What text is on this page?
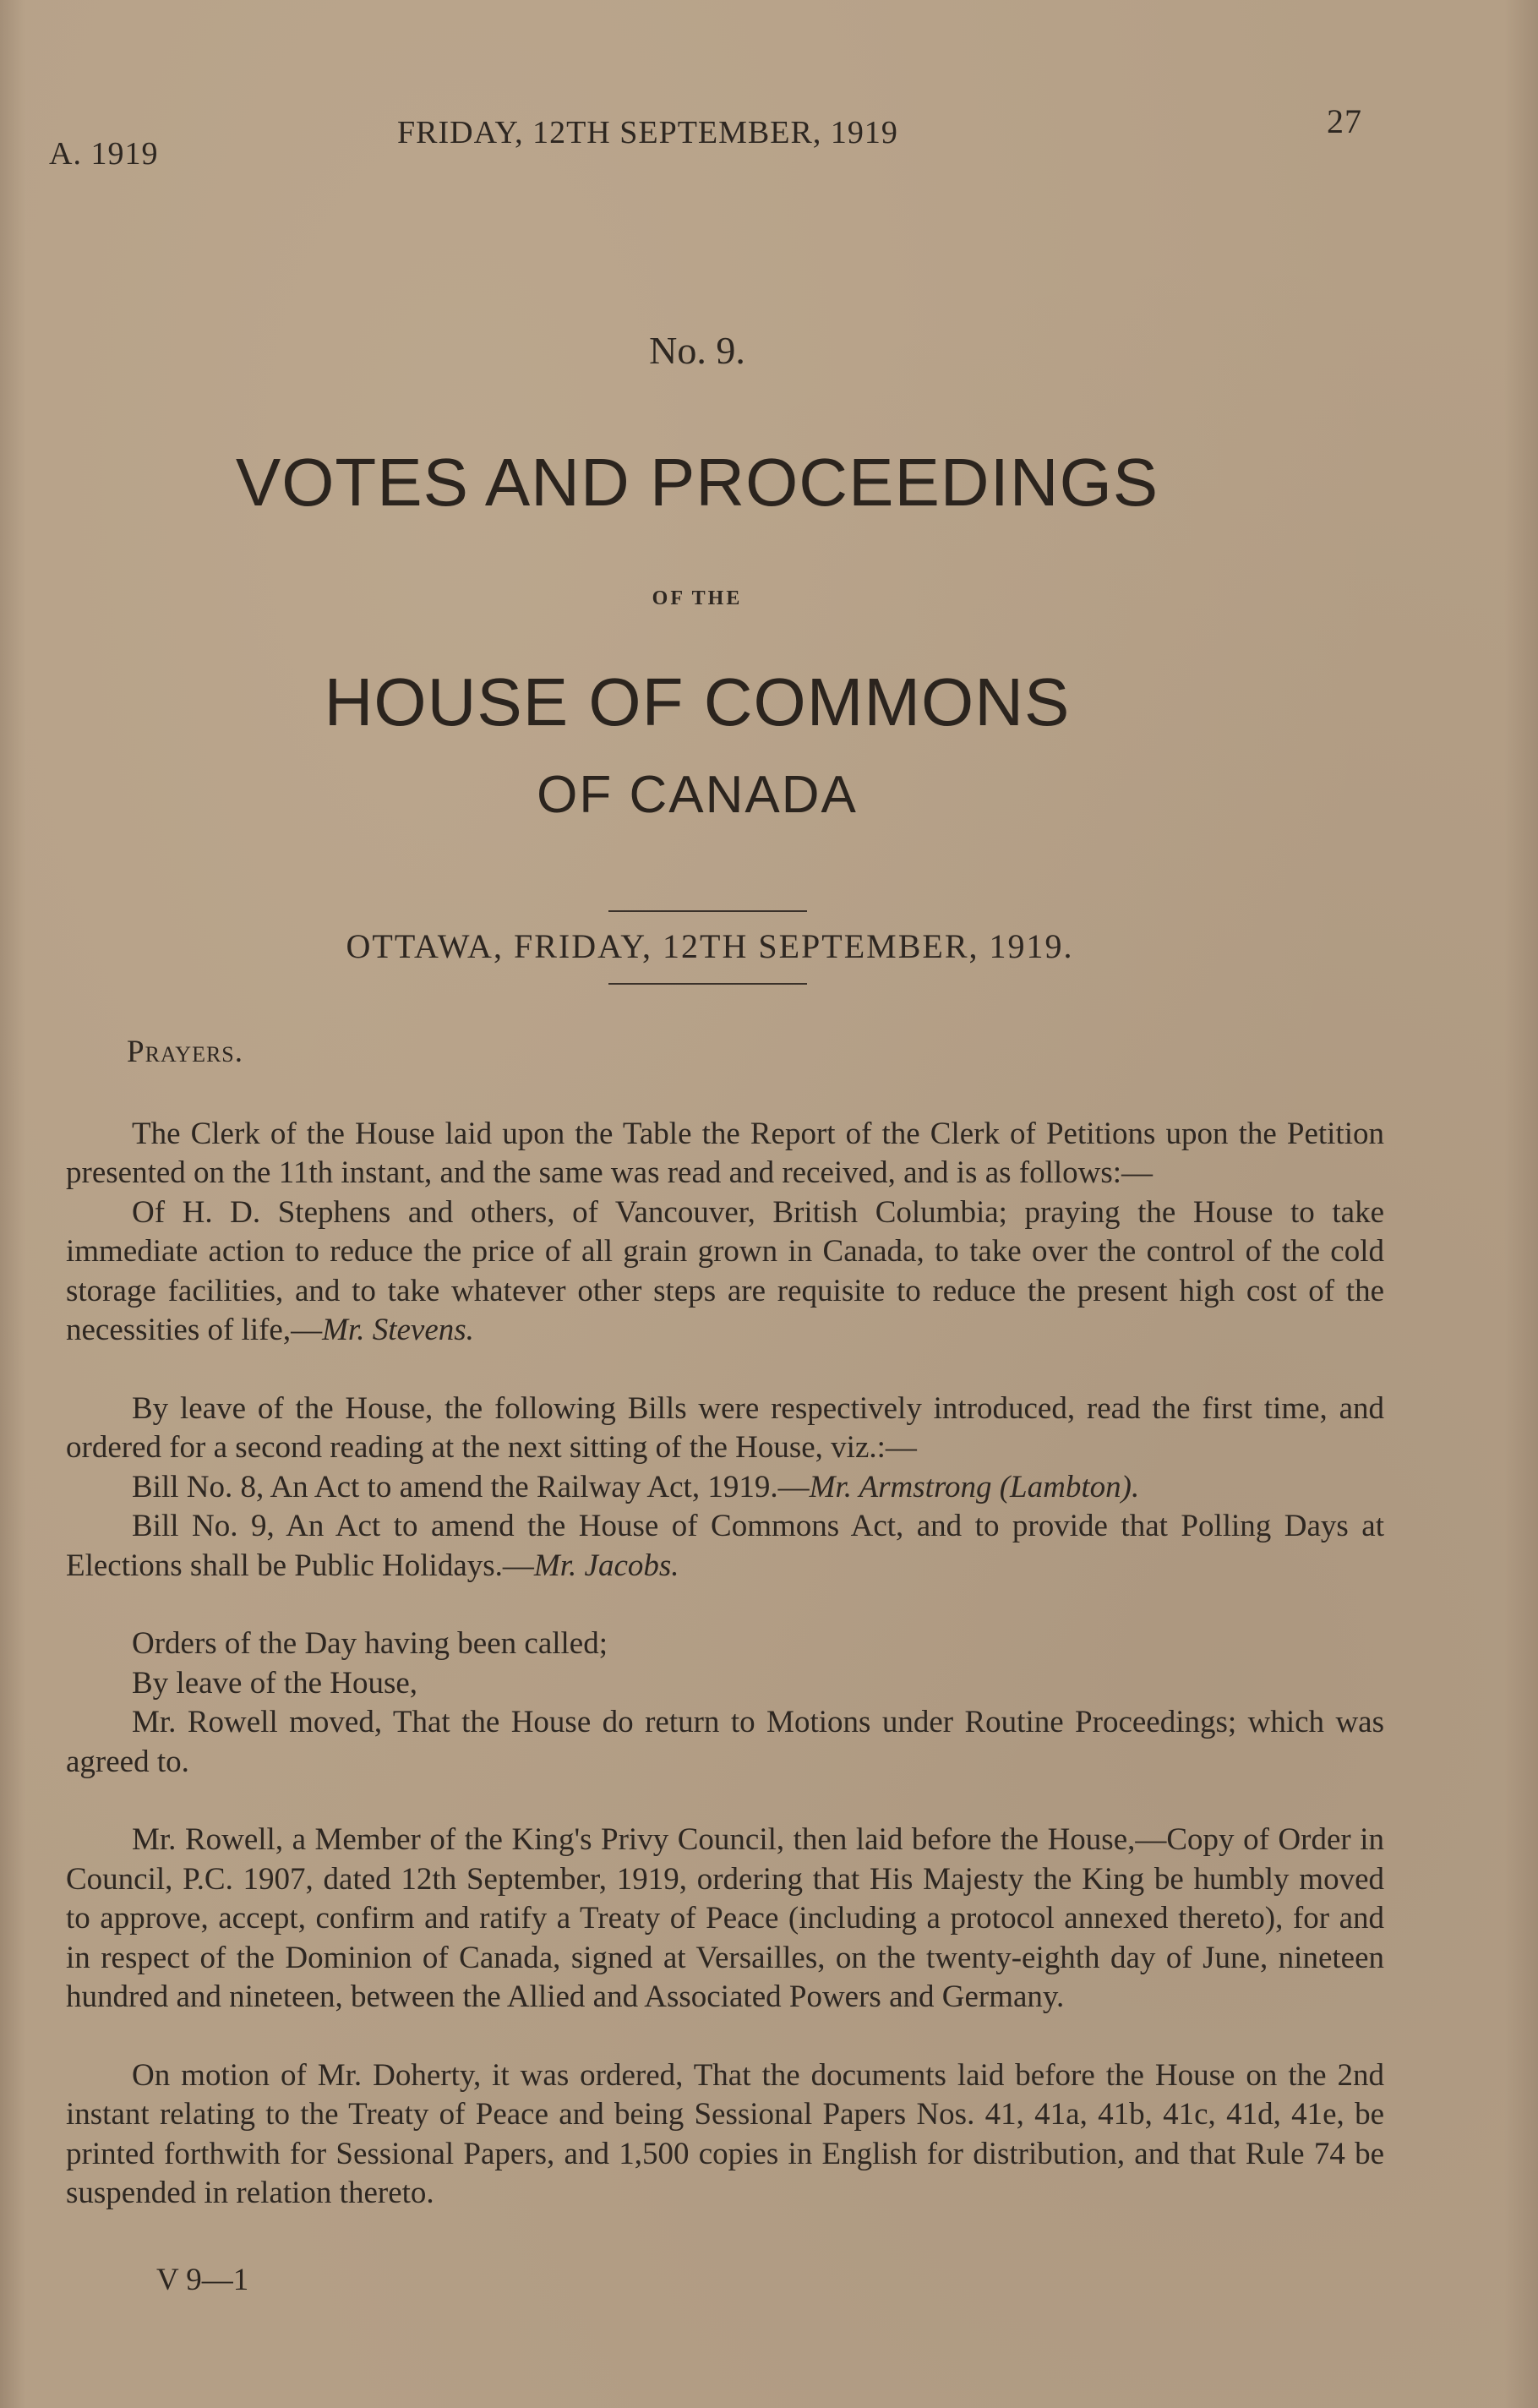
A. 1919
FRIDAY, 12TH SEPTEMBER, 1919	27
No. 9.
VOTES AND PROCEEDINGS
OF THE
HOUSE OF COMMONS
OF CANADA
OTTAWA, FRIDAY, 12TH SEPTEMBER, 1919.

Prayers.

The Clerk of the House laid upon the Table the Report of the Clerk of Petitions upon the Petition presented on the 11th instant, and the same was read and received, and is as follows:—

Of H. D. Stephens and others, of Vancouver, British Columbia; praying the House to take immediate action to reduce the price of all grain grown in Canada, to take over the control of the cold storage facilities, and to take whatever other steps are requisite to reduce the present high cost of the necessities of life,—Mr. Stevens.

By leave of the House, the following Bills were respectively introduced, read the first time, and ordered for a second reading at the next sitting of the House, viz.:—

Bill No. 8, An Act to amend the Railway Act, 1919.—Mr. Armstrong (Lambton).

Bill No. 9, An Act to amend the House of Commons Act, and to provide that Polling Days at Elections shall be Public Holidays.—Mr. Jacobs.

Orders of the Day having been called;

By leave of the House,

Mr. Rowell moved, That the House do return to Motions under Routine Proceedings; which was agreed to.

Mr. Rowell, a Member of the King's Privy Council, then laid before the House,—Copy of Order in Council, P.C. 1907, dated 12th September, 1919, ordering that His Majesty the King be humbly moved to approve, accept, confirm and ratify a Treaty of Peace (including a protocol annexed thereto), for and in respect of the Dominion of Canada, signed at Versailles, on the twenty-eighth day of June, nineteen hundred and nineteen, between the Allied and Associated Powers and Germany.

On motion of Mr. Doherty, it was ordered, That the documents laid before the House on the 2nd instant relating to the Treaty of Peace and being Sessional Papers Nos. 41, 41a, 41b, 41c, 41d, 41e, be printed forthwith for Sessional Papers, and 1,500 copies in English for distribution, and that Rule 74 be suspended in relation thereto.

V 9—1
